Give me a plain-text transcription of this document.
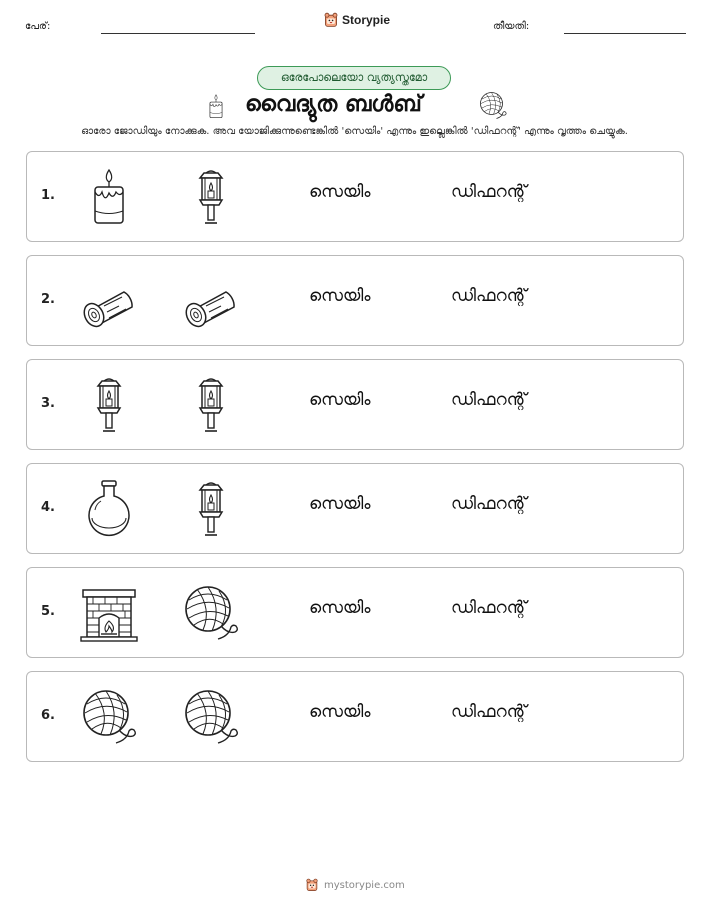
പേര്:	Storypie	തീയതി:
ഒരേപോലെയോ വ്യത്യസ്തമോ
വൈദ്യുത ബൾബ്
ഓരോ ജോഡിയും നോക്കുക. അവ യോജിക്കുന്നുണ്ടെങ്കിൽ 'സെയിം' എന്നും ഇല്ലെങ്കിൽ 'ഡിഫറന്റ്' എന്നും വൃത്തം ചെയ്യുക.
1.	സെയിം	ഡിഫറന്റ്
2.	സെയിം	ഡിഫറന്റ്
3.	സെയിം	ഡിഫറന്റ്
4.	സെയിം	ഡിഫറന്റ്
5.	സെയിം	ഡിഫറന്റ്
6.	സെയിം	ഡിഫറന്റ്
mystorypie.com
